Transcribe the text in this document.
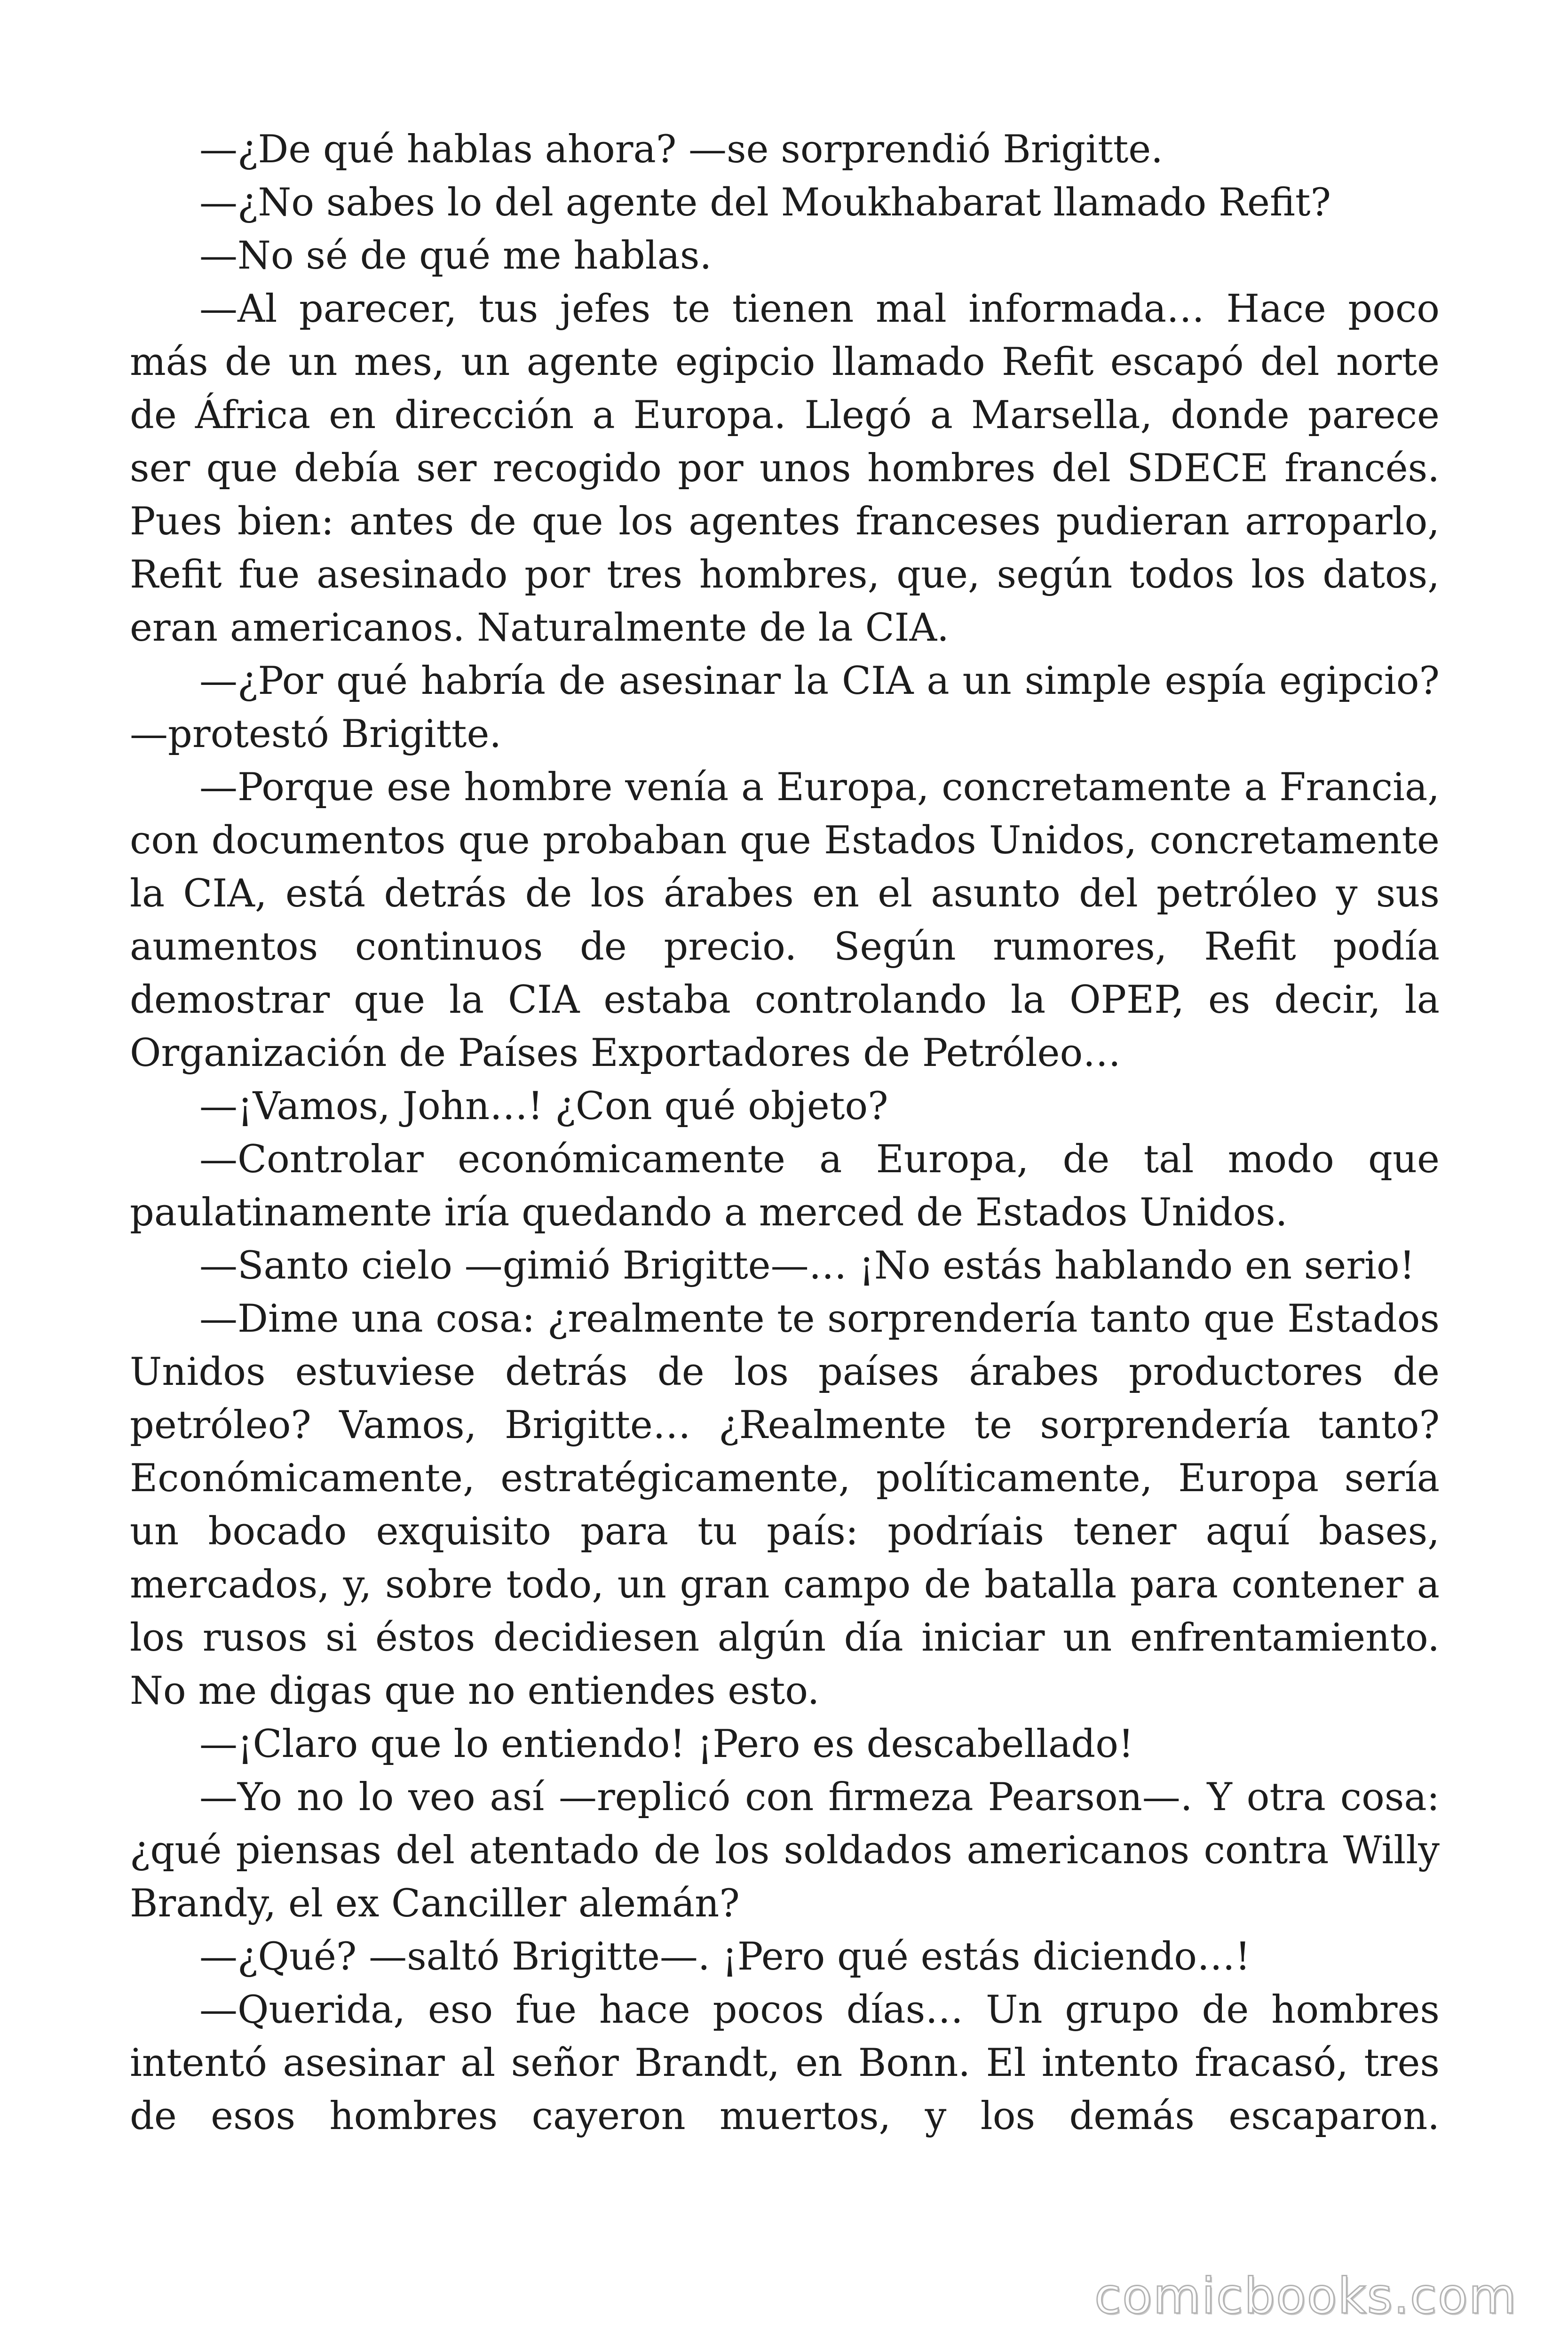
—¿De qué hablas ahora? —se sorprendió Brigitte.

—¿No sabes lo del agente del Moukhabarat llamado Refit?

—No sé de qué me hablas.

—Al parecer, tus jefes te tienen mal informada… Hace poco más de un mes, un agente egipcio llamado Refit escapó del norte de África en dirección a Europa. Llegó a Marsella, donde parece ser que debía ser recogido por unos hombres del SDECE francés. Pues bien: antes de que los agentes franceses pudieran arroparlo, Refit fue asesinado por tres hombres, que, según todos los datos, eran americanos. Naturalmente de la CIA.

—¿Por qué habría de asesinar la CIA a un simple espía egipcio? —protestó Brigitte.

—Porque ese hombre venía a Europa, concretamente a Francia, con documentos que probaban que Estados Unidos, concretamente la CIA, está detrás de los árabes en el asunto del petróleo y sus aumentos continuos de precio. Según rumores, Refit podía demostrar que la CIA estaba controlando la OPEP, es decir, la Organización de Países Exportadores de Petróleo…

—¡Vamos, John…! ¿Con qué objeto?

—Controlar económicamente a Europa, de tal modo que paulatinamente iría quedando a merced de Estados Unidos.

—Santo cielo —gimió Brigitte—… ¡No estás hablando en serio!

—Dime una cosa: ¿realmente te sorprendería tanto que Estados Unidos estuviese detrás de los países árabes productores de petróleo? Vamos, Brigitte… ¿Realmente te sorprendería tanto? Económicamente, estratégicamente, políticamente, Europa sería un bocado exquisito para tu país: podríais tener aquí bases, mercados, y, sobre todo, un gran campo de batalla para contener a los rusos si éstos decidiesen algún día iniciar un enfrentamiento. No me digas que no entiendes esto.

—¡Claro que lo entiendo! ¡Pero es descabellado!

—Yo no lo veo así —replicó con firmeza Pearson—. Y otra cosa: ¿qué piensas del atentado de los soldados americanos contra Willy Brandy, el ex Canciller alemán?

—¿Qué? —saltó Brigitte—. ¡Pero qué estás diciendo…!

—Querida, eso fue hace pocos días… Un grupo de hombres intentó asesinar al señor Brandt, en Bonn. El intento fracasó, tres de esos hombres cayeron muertos, y los demás escaparon.

comicbooks.com
